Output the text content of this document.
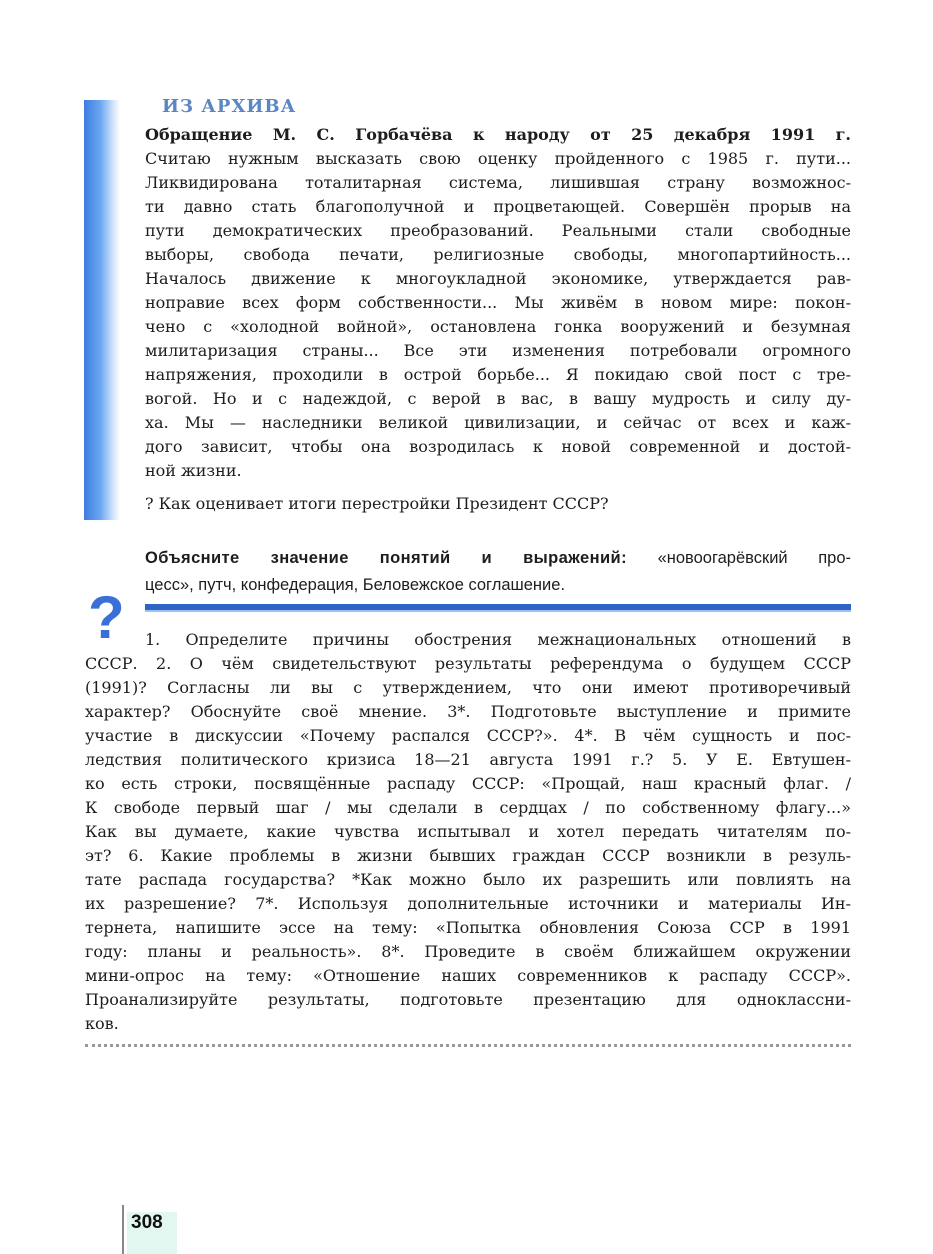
ИЗ АРХИВА
Обращение М. С. Горбачёва к народу от 25 декабря 1991 г.
Считаю нужным высказать свою оценку пройденного с 1985 г. пути...
Ликвидирована тоталитарная система, лишившая страну возможнос-
ти давно стать благополучной и процветающей. Совершён прорыв на
пути демократических преобразований. Реальными стали свободные
выборы, свобода печати, религиозные свободы, многопартийность...
Началось движение к многоукладной экономике, утверждается рав-
ноправие всех форм собственности... Мы живём в новом мире: покон-
чено с «холодной войной», остановлена гонка вооружений и безумная
милитаризация страны... Все эти изменения потребовали огромного
напряжения, проходили в острой борьбе... Я покидаю свой пост с тре-
вогой. Но и с надеждой, с верой в вас, в вашу мудрость и силу ду-
ха. Мы — наследники великой цивилизации, и сейчас от всех и каж-
дого зависит, чтобы она возродилась к новой современной и достой-
ной жизни.
? Как оценивает итоги перестройки Президент СССР?
Объясните значение понятий и выражений: «новоогарёвский про-
цесс», путч, конфедерация, Беловежское соглашение.
? 1. Определите причины обострения межнациональных отношений в
СССР. 2. О чём свидетельствуют результаты референдума о будущем СССР
(1991)? Согласны ли вы с утверждением, что они имеют противоречивый
характер? Обоснуйте своё мнение. 3*. Подготовьте выступление и примите
участие в дискуссии «Почему распался СССР?». 4*. В чём сущность и пос-
ледствия политического кризиса 18—21 августа 1991 г.? 5. У Е. Евтушен-
ко есть строки, посвящённые распаду СССР: «Прощай, наш красный флаг. /
К свободе первый шаг / мы сделали в сердцах / по собственному флагу...»
Как вы думаете, какие чувства испытывал и хотел передать читателям по-
эт? 6. Какие проблемы в жизни бывших граждан СССР возникли в резуль-
тате распада государства? *Как можно было их разрешить или повлиять на
их разрешение? 7*. Используя дополнительные источники и материалы Ин-
тернета, напишите эссе на тему: «Попытка обновления Союза ССР в 1991
году: планы и реальность». 8*. Проведите в своём ближайшем окружении
мини-опрос на тему: «Отношение наших современников к распаду СССР».
Проанализируйте результаты, подготовьте презентацию для одноклассни-
ков.
308
